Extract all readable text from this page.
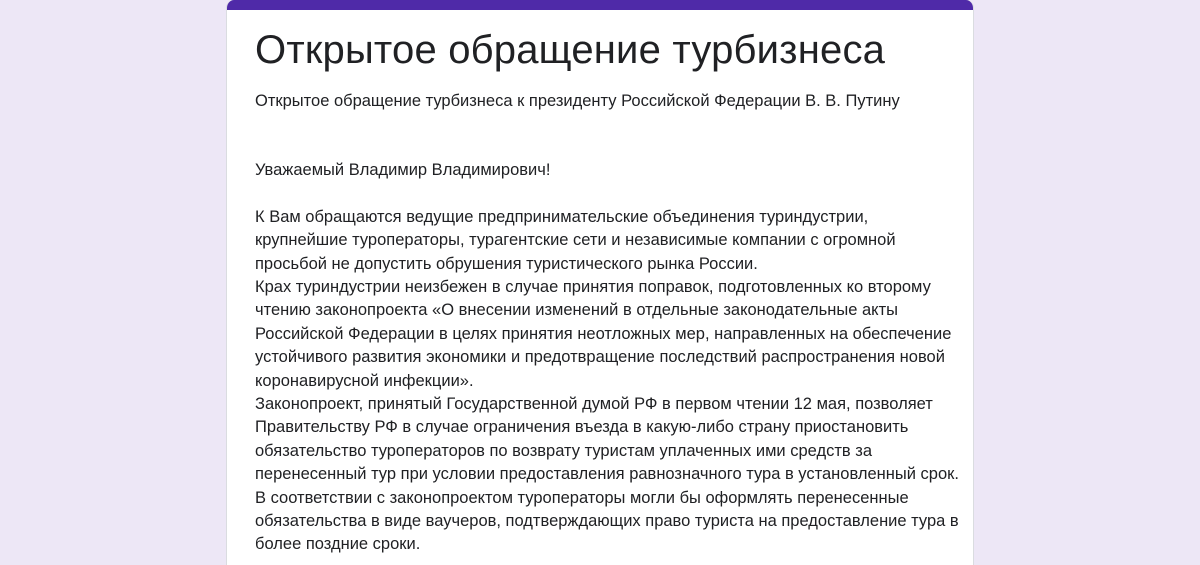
Открытое обращение турбизнеса
Открытое обращение турбизнеса к президенту Российской Федерации В. В. Путину

Уважаемый Владимир Владимирович!

К Вам обращаются ведущие предпринимательские объединения туриндустрии, крупнейшие туроператоры, турагентские сети и независимые компании с огромной просьбой не допустить обрушения туристического рынка России.

Крах туриндустрии неизбежен в случае принятия поправок, подготовленных ко второму чтению законопроекта «О внесении изменений в отдельные законодательные акты Российской Федерации в целях принятия неотложных мер, направленных на обеспечение устойчивого развития экономики и предотвращение последствий распространения новой коронавирусной инфекции».

Законопроект, принятый Государственной думой РФ в первом чтении 12 мая, позволяет Правительству РФ в случае ограничения въезда в какую-либо страну приостановить обязательство туроператоров по возврату туристам уплаченных ими средств за перенесенный тур при условии предоставления равнозначного тура в установленный срок. В соответствии с законопроектом туроператоры могли бы оформлять перенесенные обязательства в виде ваучеров, подтверждающих право туриста на предоставление тура в более поздние сроки.
